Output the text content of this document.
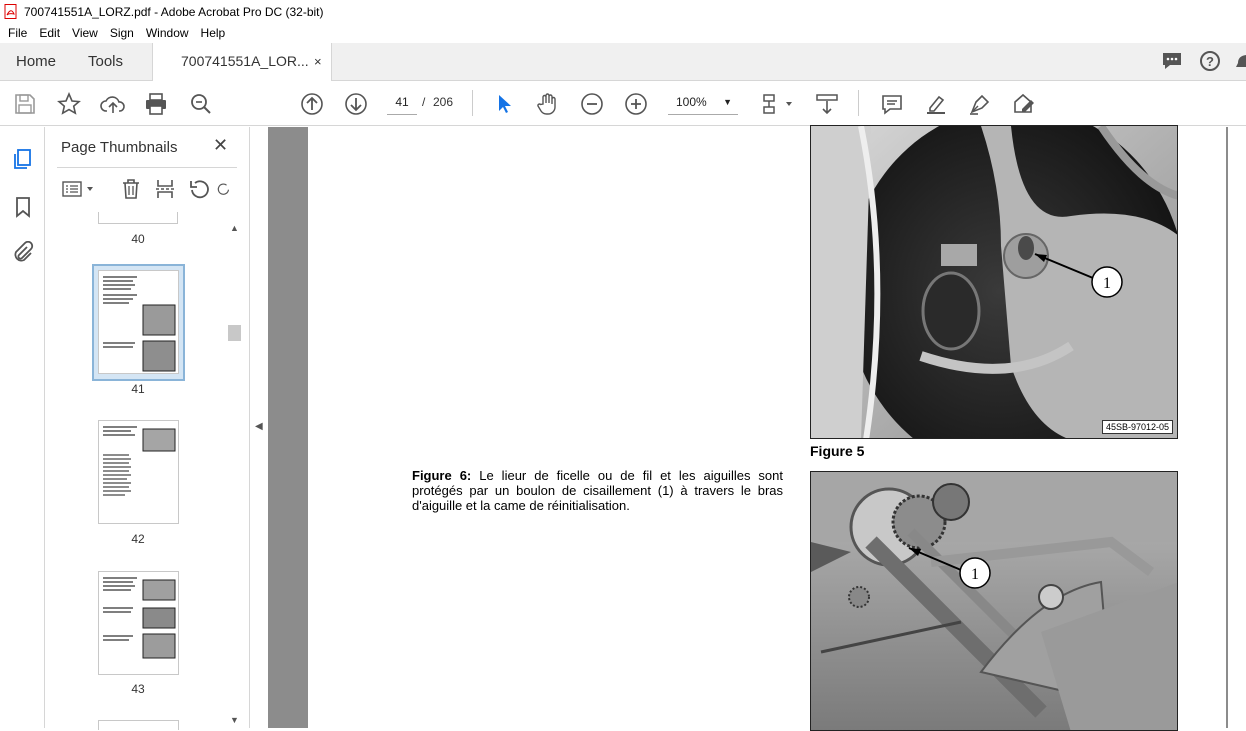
700741551A_LORZ.pdf - Adobe Acrobat Pro DC (32-bit)
File	Edit	View	Sign	Window	Help
Home Tools	700741551A_LOR... ×	?
41	/ 206	100% ▼
Page Thumbnails ✕
40
41
42
43
▲
▼
◀
1
45SB-97012-05
Figure 5
Figure 6: Le lieur de ficelle ou de fil et les aiguilles sont protégés par un boulon de cisaillement (1) à travers le bras d'aiguille et la came de réinitialisation.
1
